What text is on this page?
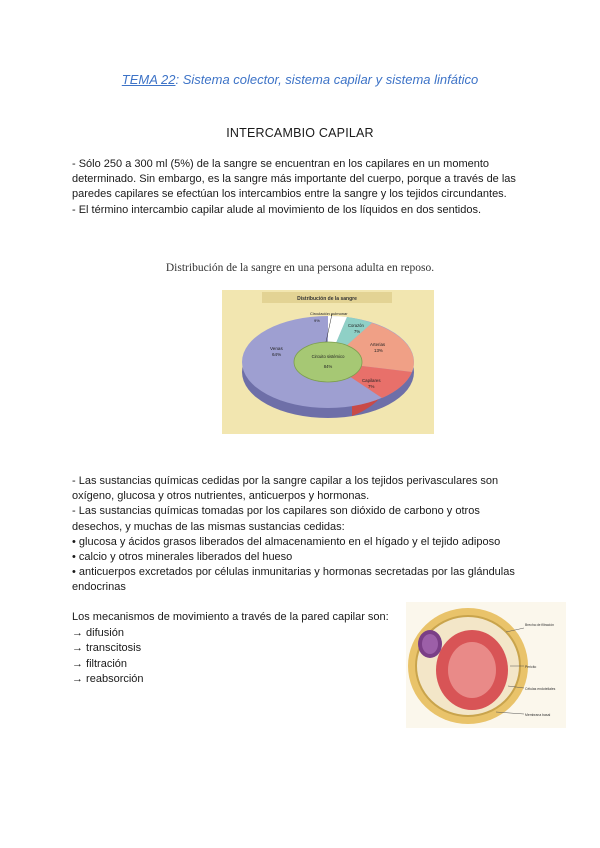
TEMA 22: Sistema colector, sistema capilar y sistema linfático
INTERCAMBIO CAPILAR
- Sólo 250 a 300 ml (5%) de la sangre se encuentran en los capilares en un momento
determinado. Sin embargo, es la sangre más importante del cuerpo, porque a través de las
paredes capilares se efectúan los intercambios entre la sangre y los tejidos circundantes.
- El término intercambio capilar alude al movimiento de los líquidos en dos sentidos.
Distribución de la sangre en una persona adulta en reposo.
Distribución de la sangre
Venas
64%
Circulación pulmonar
9%
Corazón
7%
Arterias
13%
Capilares
7%
Circuito sistémico
84%
- Las sustancias químicas cedidas por la sangre capilar a los tejidos perivasculares son
oxígeno, glucosa y otros nutrientes, anticuerpos y hormonas.
- Las sustancias químicas tomadas por los capilares son dióxido de carbono y otros
desechos, y muchas de las mismas sustancias cedidas:
• glucosa y ácidos grasos liberados del almacenamiento en el hígado y el tejido adiposo
• calcio y otros minerales liberados del hueso
• anticuerpos excretados por células inmunitarias y hormonas secretadas por las glándulas
endocrinas
Los mecanismos de movimiento a través de la pared capilar son:
→ difusión
→ transcitosis
→ filtración
→ reabsorción
Brecha de filtración
Pericito
Células endoteliales
Membrana basal
